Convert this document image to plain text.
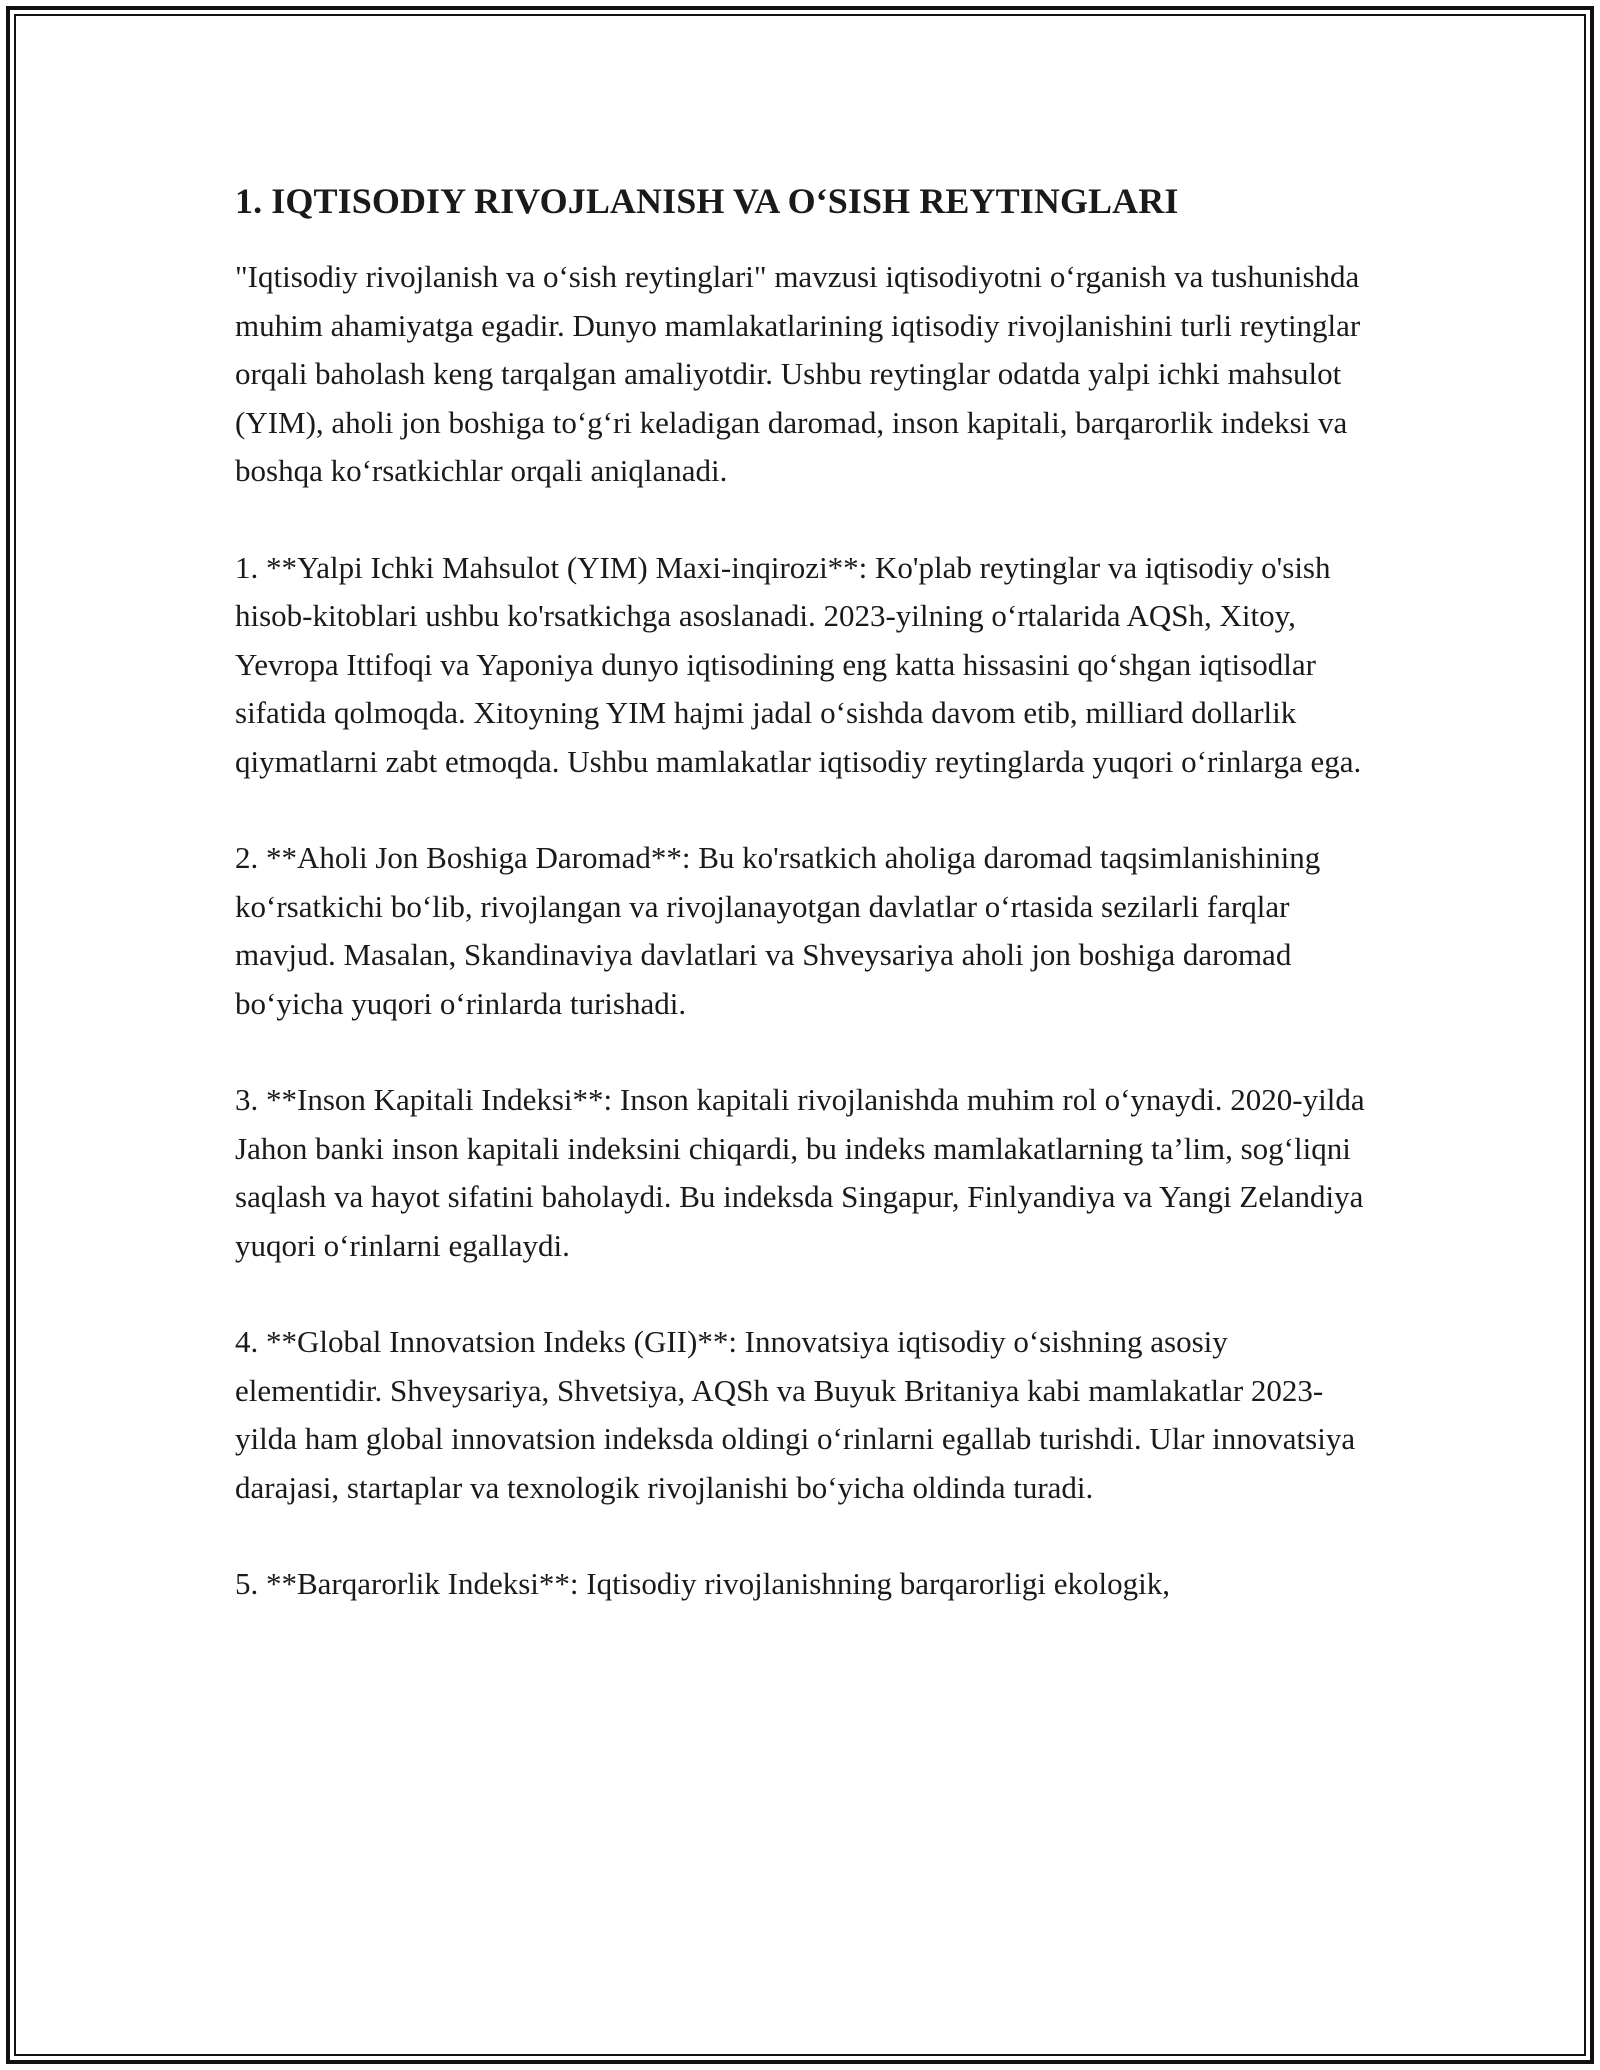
1. IQTISODIY RIVOJLANISH VA O‘SISH REYTINGLARI

"Iqtisodiy rivojlanish va o‘sish reytinglari" mavzusi iqtisodiyotni o‘rganish va tushunishda muhim ahamiyatga egadir. Dunyo mamlakatlarining iqtisodiy rivojlanishini turli reytinglar orqali baholash keng tarqalgan amaliyotdir. Ushbu reytinglar odatda yalpi ichki mahsulot (YIM), aholi jon boshiga to‘g‘ri keladigan daromad, inson kapitali, barqarorlik indeksi va boshqa ko‘rsatkichlar orqali aniqlanadi.

1. **Yalpi Ichki Mahsulot (YIM) Maxi-inqirozi**: Ko'plab reytinglar va iqtisodiy o'sish hisob-kitoblari ushbu ko'rsatkichga asoslanadi. 2023-yilning o‘rtalarida AQSh, Xitoy, Yevropa Ittifoqi va Yaponiya dunyo iqtisodining eng katta hissasini qo‘shgan iqtisodlar sifatida qolmoqda. Xitoyning YIM hajmi jadal o‘sishda davom etib, milliard dollarlik qiymatlarni zabt etmoqda. Ushbu mamlakatlar iqtisodiy reytinglarda yuqori o‘rinlarga ega.

2. **Aholi Jon Boshiga Daromad**: Bu ko'rsatkich aholiga daromad taqsimlanishining ko‘rsatkichi bo‘lib, rivojlangan va rivojlanayotgan davlatlar o‘rtasida sezilarli farqlar mavjud. Masalan, Skandinaviya davlatlari va Shveysariya aholi jon boshiga daromad bo‘yicha yuqori o‘rinlarda turishadi.

3. **Inson Kapitali Indeksi**: Inson kapitali rivojlanishda muhim rol o‘ynaydi. 2020-yilda Jahon banki inson kapitali indeksini chiqardi, bu indeks mamlakatlarning ta’lim, sog‘liqni saqlash va hayot sifatini baholaydi. Bu indeksda Singapur, Finlyandiya va Yangi Zelandiya yuqori o‘rinlarni egallaydi.

4. **Global Innovatsion Indeks (GII)**: Innovatsiya iqtisodiy o‘sishning asosiy elementidir. Shveysariya, Shvetsiya, AQSh va Buyuk Britaniya kabi mamlakatlar 2023-yilda ham global innovatsion indeksda oldingi o‘rinlarni egallab turishdi. Ular innovatsiya darajasi, startaplar va texnologik rivojlanishi bo‘yicha oldinda turadi.

5. **Barqarorlik Indeksi**: Iqtisodiy rivojlanishning barqarorligi ekologik,
